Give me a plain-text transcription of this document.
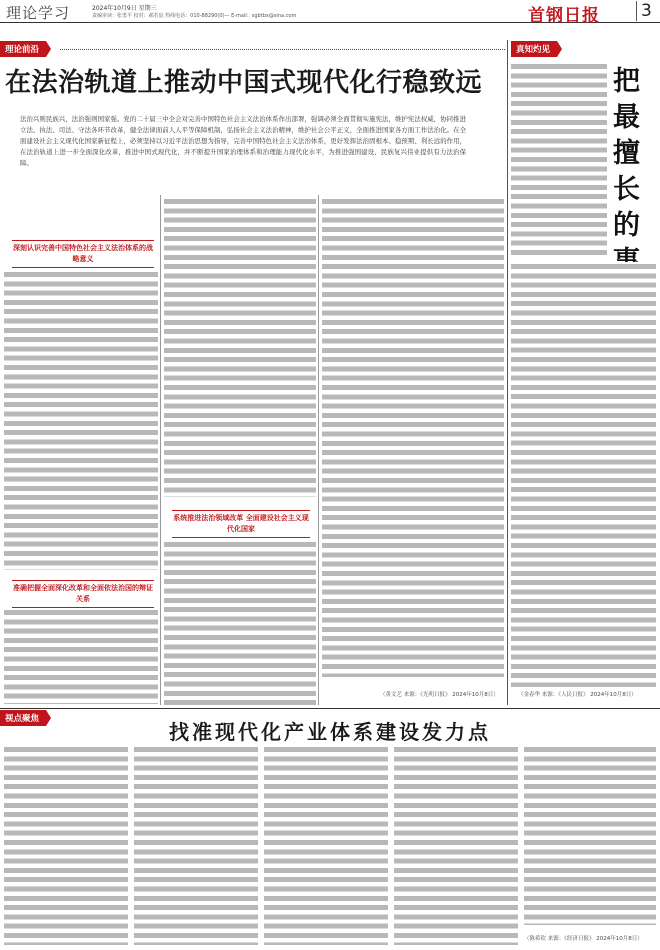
理论学习	2024年10月9日 星期三
责编审读：张勇平 校对：郝若宸 热线电话：010-88290(0)— E-mail：sgbtbx@sina.com	首钢日报 3
理论前沿
在法治轨道上推动中国式现代化行稳致远
法治兴则民族兴，法治强则国家强。党的二十届三中全会对完善中国特色社会主义法治体系作出部署，强调必须全面贯彻实施宪法，维护宪法权威，协同推进立法、执法、司法、守法各环节改革，健全法律面前人人平等保障机制，弘扬社会主义法治精神，维护社会公平正义，全面推进国家各方面工作法治化。在全面建设社会主义现代化国家新征程上，必须坚持以习近平法治思想为指导，完善中国特色社会主义法治体系，更好发挥法治固根本、稳预期、利长远的作用，在法治轨道上进一步全面深化改革，推进中国式现代化，并不断提升国家治理体系和治理能力现代化水平，为推进强国建设、民族复兴伟业提供有力法治保障。
深刻认识完善中国特色社会主义法治体系的战略意义
准确把握全面深化改革和全面依法治国的辩证关系
系统推进法治领域改革 全面建设社会主义现代化国家
（黄文艺 来源：《光明日报》 2024年10月8日）
真知灼见
把最擅长的
（金春华 来源：《人民日报》 2024年10月8日）
视点聚焦
找准现代化产业体系建设发力点
（陈希钦 来源：《经济日报》 2024年10月8日）
